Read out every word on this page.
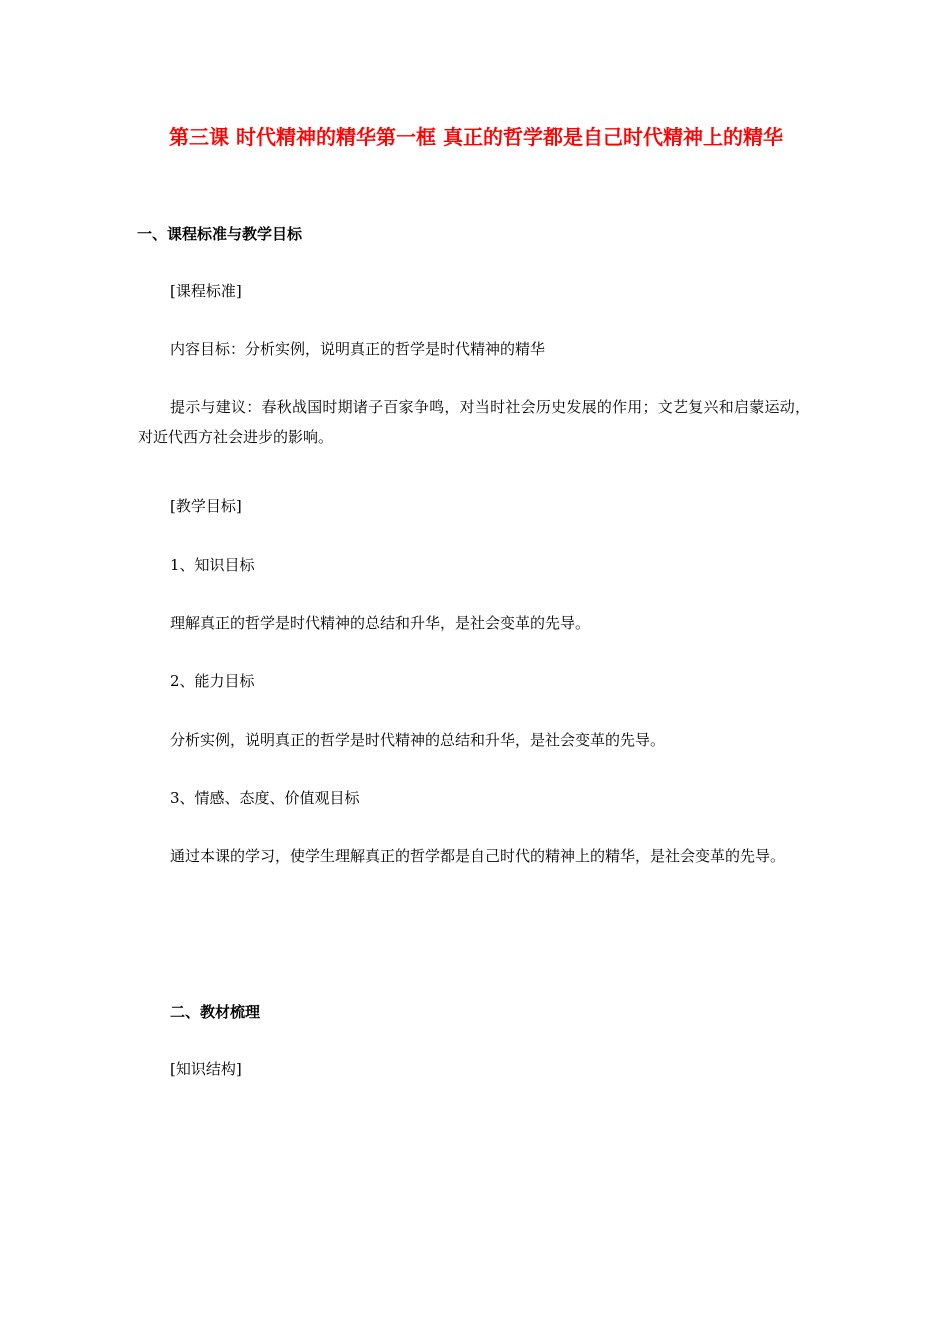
第三课 时代精神的精华第一框 真正的哲学都是自己时代精神上的精华
一、课程标准与教学目标
[课程标准]
内容目标：分析实例，说明真正的哲学是时代精神的精华
提示与建议：春秋战国时期诸子百家争鸣，对当时社会历史发展的作用；文艺复兴和启蒙运动，对近代西方社会进步的影响。
[教学目标]
1、知识目标
理解真正的哲学是时代精神的总结和升华，是社会变革的先导。
2、能力目标
分析实例，说明真正的哲学是时代精神的总结和升华，是社会变革的先导。
3、情感、态度、价值观目标
通过本课的学习，使学生理解真正的哲学都是自己时代的精神上的精华，是社会变革的先导。
二、教材梳理
[知识结构]
